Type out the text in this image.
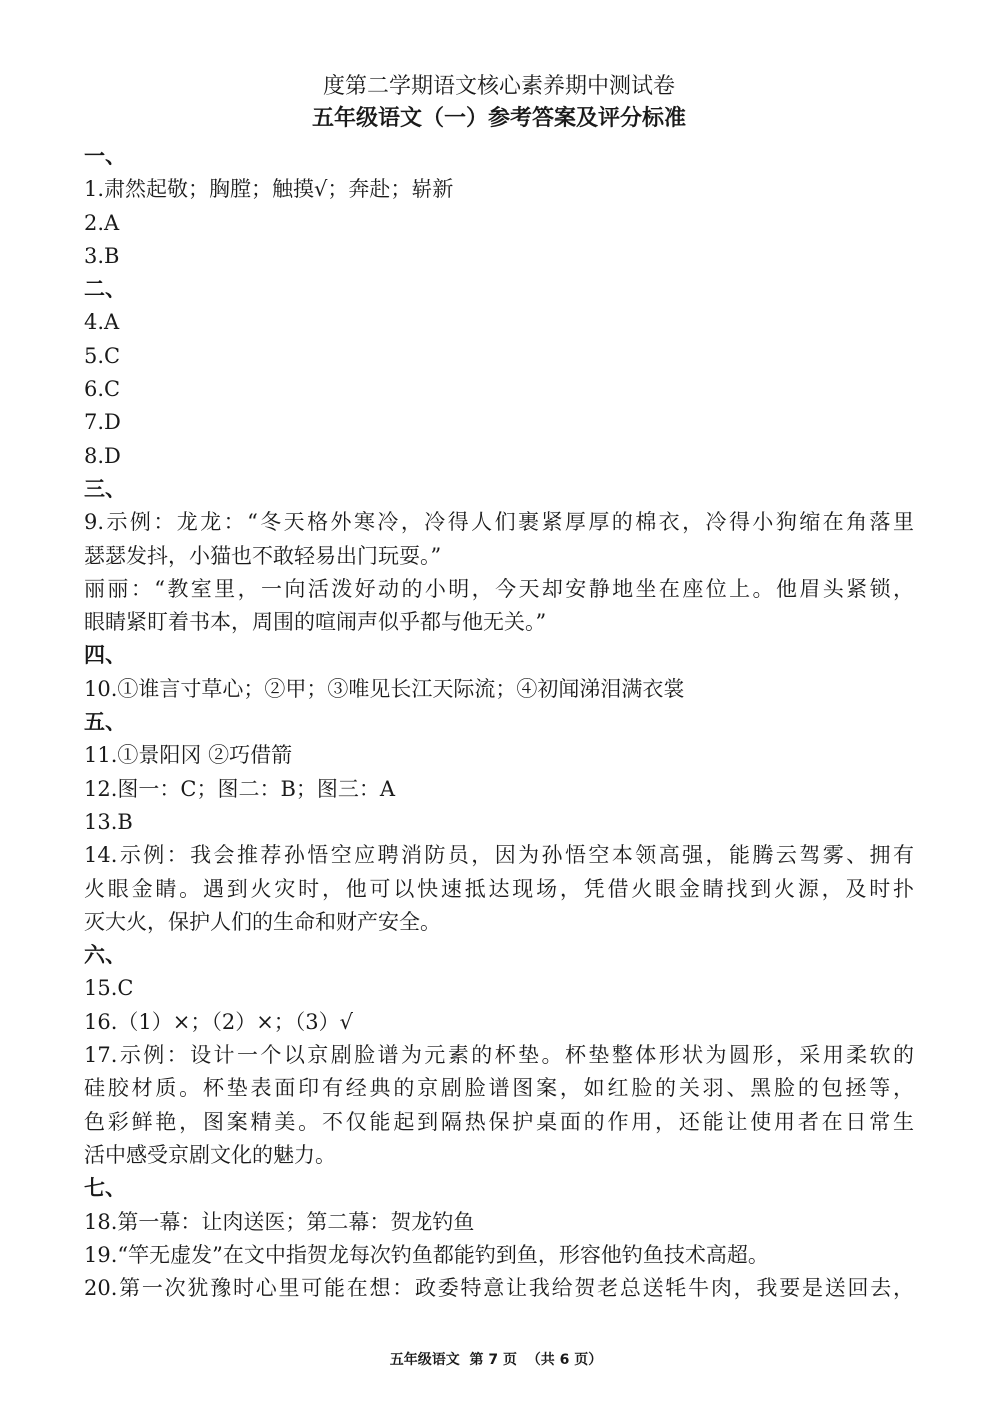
度第二学期语文核心素养期中测试卷
五年级语文（一）参考答案及评分标准
一、
1.肃然起敬；胸膛；触摸√；奔赴；崭新
2.A
3.B
二、
4.A
5.C
6.C
7.D
8.D
三、
9.示例：龙龙：“冬天格外寒冷，冷得人们裹紧厚厚的棉衣，冷得小狗缩在角落里
瑟瑟发抖，小猫也不敢轻易出门玩耍。”
丽丽：“教室里，一向活泼好动的小明，今天却安静地坐在座位上。他眉头紧锁，
眼睛紧盯着书本，周围的喧闹声似乎都与他无关。”
四、
10.①谁言寸草心；②甲；③唯见长江天际流；④初闻涕泪满衣裳
五、
11.①景阳冈 ②巧借箭
12.图一：C；图二：B；图三：A
13.B
14.示例：我会推荐孙悟空应聘消防员，因为孙悟空本领高强，能腾云驾雾、拥有
火眼金睛。遇到火灾时，他可以快速抵达现场，凭借火眼金睛找到火源，及时扑
灭大火，保护人们的生命和财产安全。
六、
15.C
16.（1）×；（2）×；（3）√
17.示例：设计一个以京剧脸谱为元素的杯垫。杯垫整体形状为圆形，采用柔软的
硅胶材质。杯垫表面印有经典的京剧脸谱图案，如红脸的关羽、黑脸的包拯等，
色彩鲜艳，图案精美。不仅能起到隔热保护桌面的作用，还能让使用者在日常生
活中感受京剧文化的魅力。
七、
18.第一幕：让肉送医；第二幕：贺龙钓鱼
19.“竿无虚发”在文中指贺龙每次钓鱼都能钓到鱼，形容他钓鱼技术高超。
20.第一次犹豫时心里可能在想：政委特意让我给贺老总送牦牛肉，我要是送回去，
五年级语文  第 7 页  （共 6 页）
